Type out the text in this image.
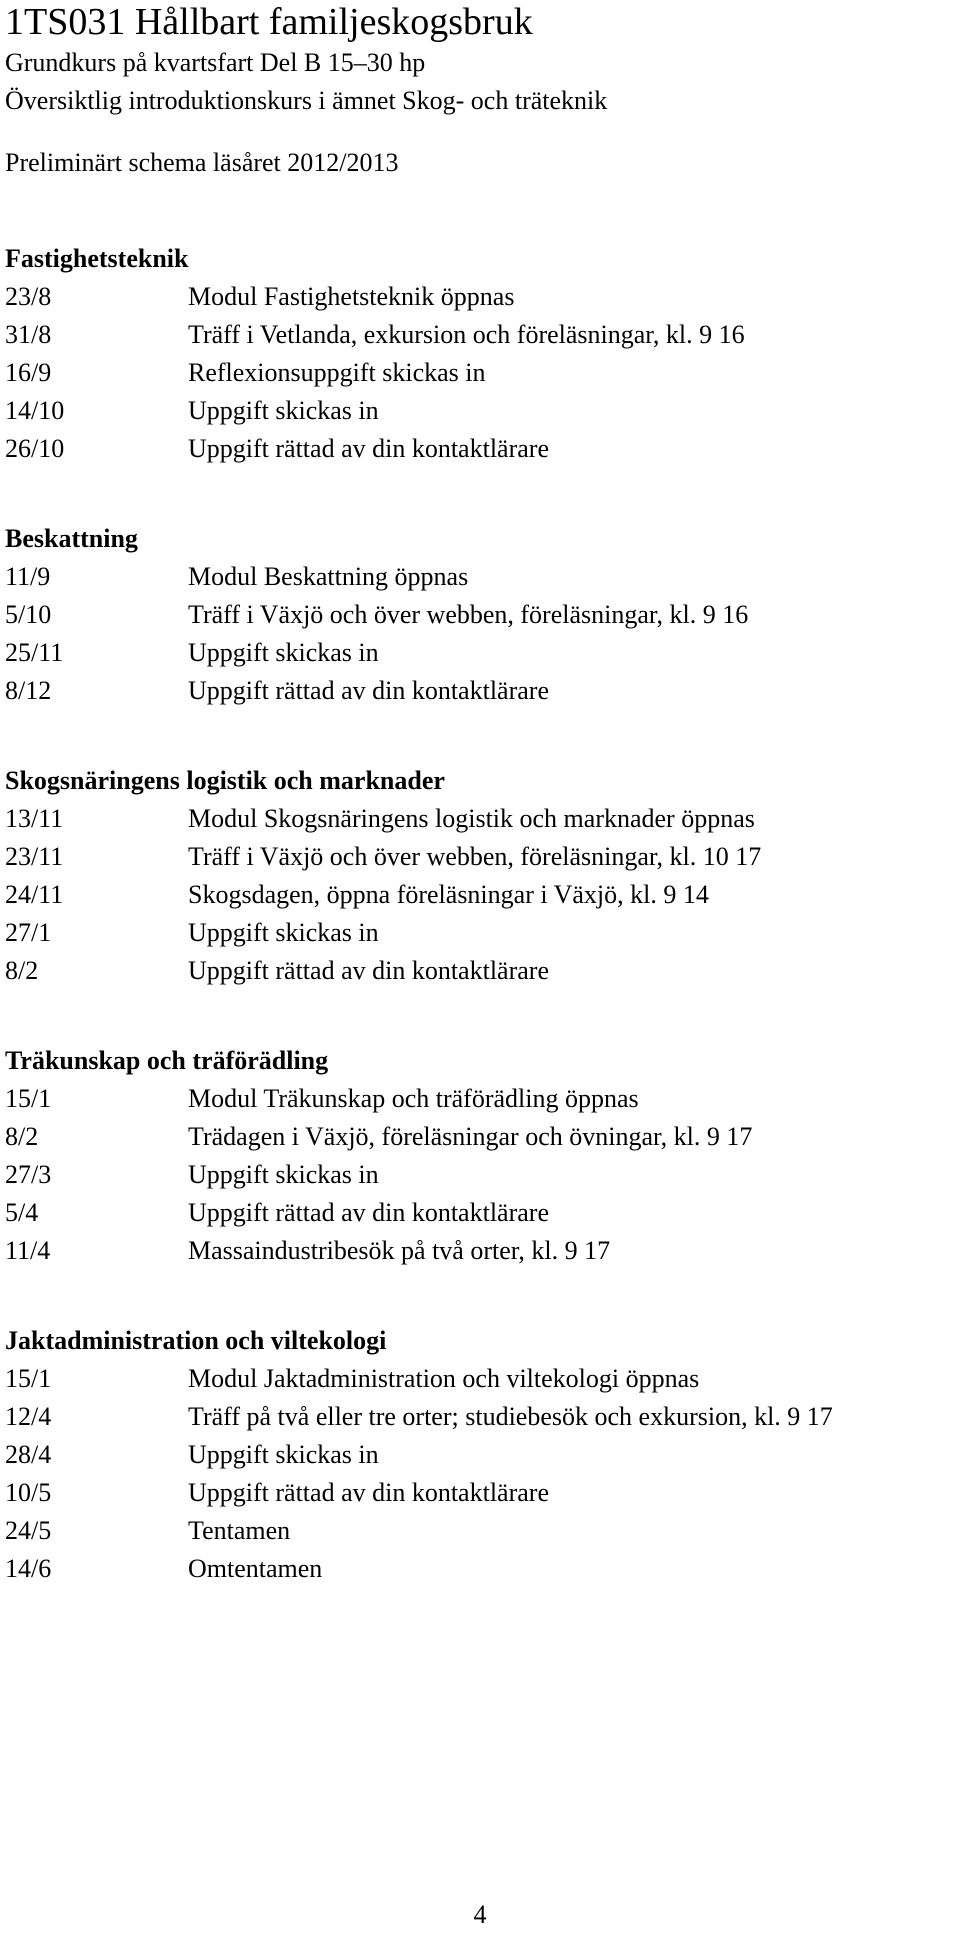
1TS031 Hållbart familjeskogsbruk

Grundkurs på kvartsfart Del B 15–30 hp

Översiktlig introduktionskurs i ämnet Skog- och träteknik

Preliminärt schema läsåret 2012/2013

Fastighetsteknik
23/8	Modul Fastighetsteknik öppnas
31/8	Träff i Vetlanda, exkursion och föreläsningar, kl. 9 16
16/9	Reflexionsuppgift skickas in
14/10	Uppgift skickas in
26/10	Uppgift rättad av din kontaktlärare
Beskattning
11/9	Modul Beskattning öppnas
5/10	Träff i Växjö och över webben, föreläsningar, kl. 9 16
25/11	Uppgift skickas in
8/12	Uppgift rättad av din kontaktlärare
Skogsnäringens logistik och marknader
13/11	Modul Skogsnäringens logistik och marknader öppnas
23/11	Träff i Växjö och över webben, föreläsningar, kl. 10 17
24/11	Skogsdagen, öppna föreläsningar i Växjö, kl. 9 14
27/1	Uppgift skickas in
8/2	Uppgift rättad av din kontaktlärare
Träkunskap och träförädling
15/1	Modul Träkunskap och träförädling öppnas
8/2	Trädagen i Växjö, föreläsningar och övningar, kl. 9 17
27/3	Uppgift skickas in
5/4	Uppgift rättad av din kontaktlärare
11/4	Massaindustribesök på två orter, kl. 9 17
Jaktadministration och viltekologi
15/1	Modul Jaktadministration och viltekologi öppnas
12/4	Träff på två eller tre orter; studiebesök och exkursion, kl. 9 17
28/4	Uppgift skickas in
10/5	Uppgift rättad av din kontaktlärare
24/5	Tentamen
14/6	Omtentamen
4
